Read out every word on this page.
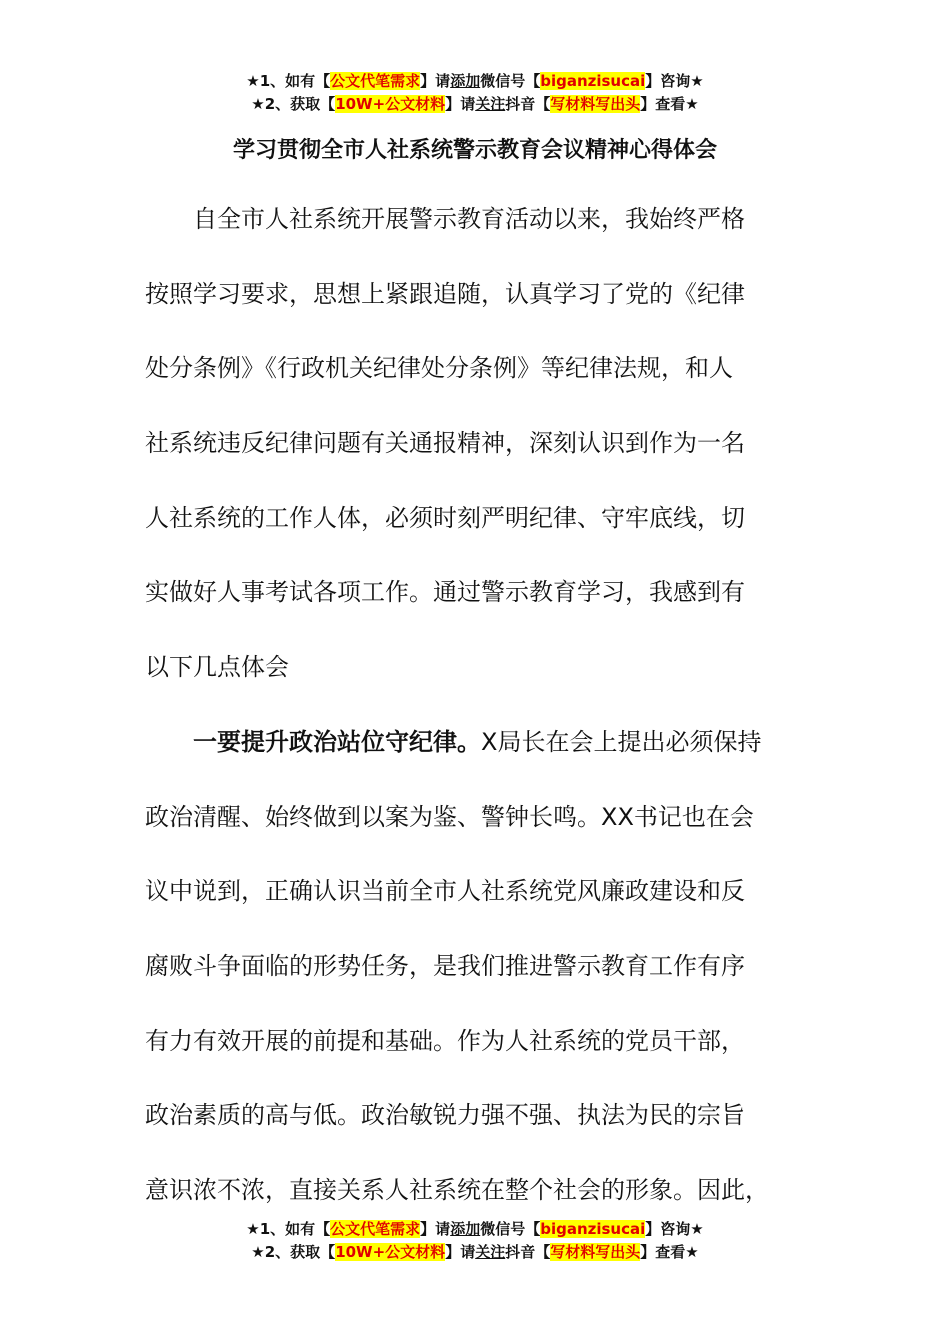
★1、如有【公文代笔需求】请添加微信号【biganzisucai】咨询★
★2、获取【10W+公文材料】请关注抖音【写材料写出头】查看★
学习贯彻全市人社系统警示教育会议精神心得体会
自全市人社系统开展警示教育活动以来，我始终严格
按照学习要求，思想上紧跟追随，认真学习了党的《纪律
处分条例》《行政机关纪律处分条例》等纪律法规，和人
社系统违反纪律问题有关通报精神，深刻认识到作为一名
人社系统的工作人体，必须时刻严明纪律、守牢底线，切
实做好人事考试各项工作。通过警示教育学习，我感到有
以下几点体会
一要提升政治站位守纪律。X局长在会上提出必须保持
政治清醒、始终做到以案为鉴、警钟长鸣。XX书记也在会
议中说到，正确认识当前全市人社系统党风廉政建设和反
腐败斗争面临的形势任务，是我们推进警示教育工作有序
有力有效开展的前提和基础。作为人社系统的党员干部，
政治素质的高与低。政治敏锐力强不强、执法为民的宗旨
意识浓不浓，直接关系人社系统在整个社会的形象。因此，
★1、如有【公文代笔需求】请添加微信号【biganzisucai】咨询★
★2、获取【10W+公文材料】请关注抖音【写材料写出头】查看★
